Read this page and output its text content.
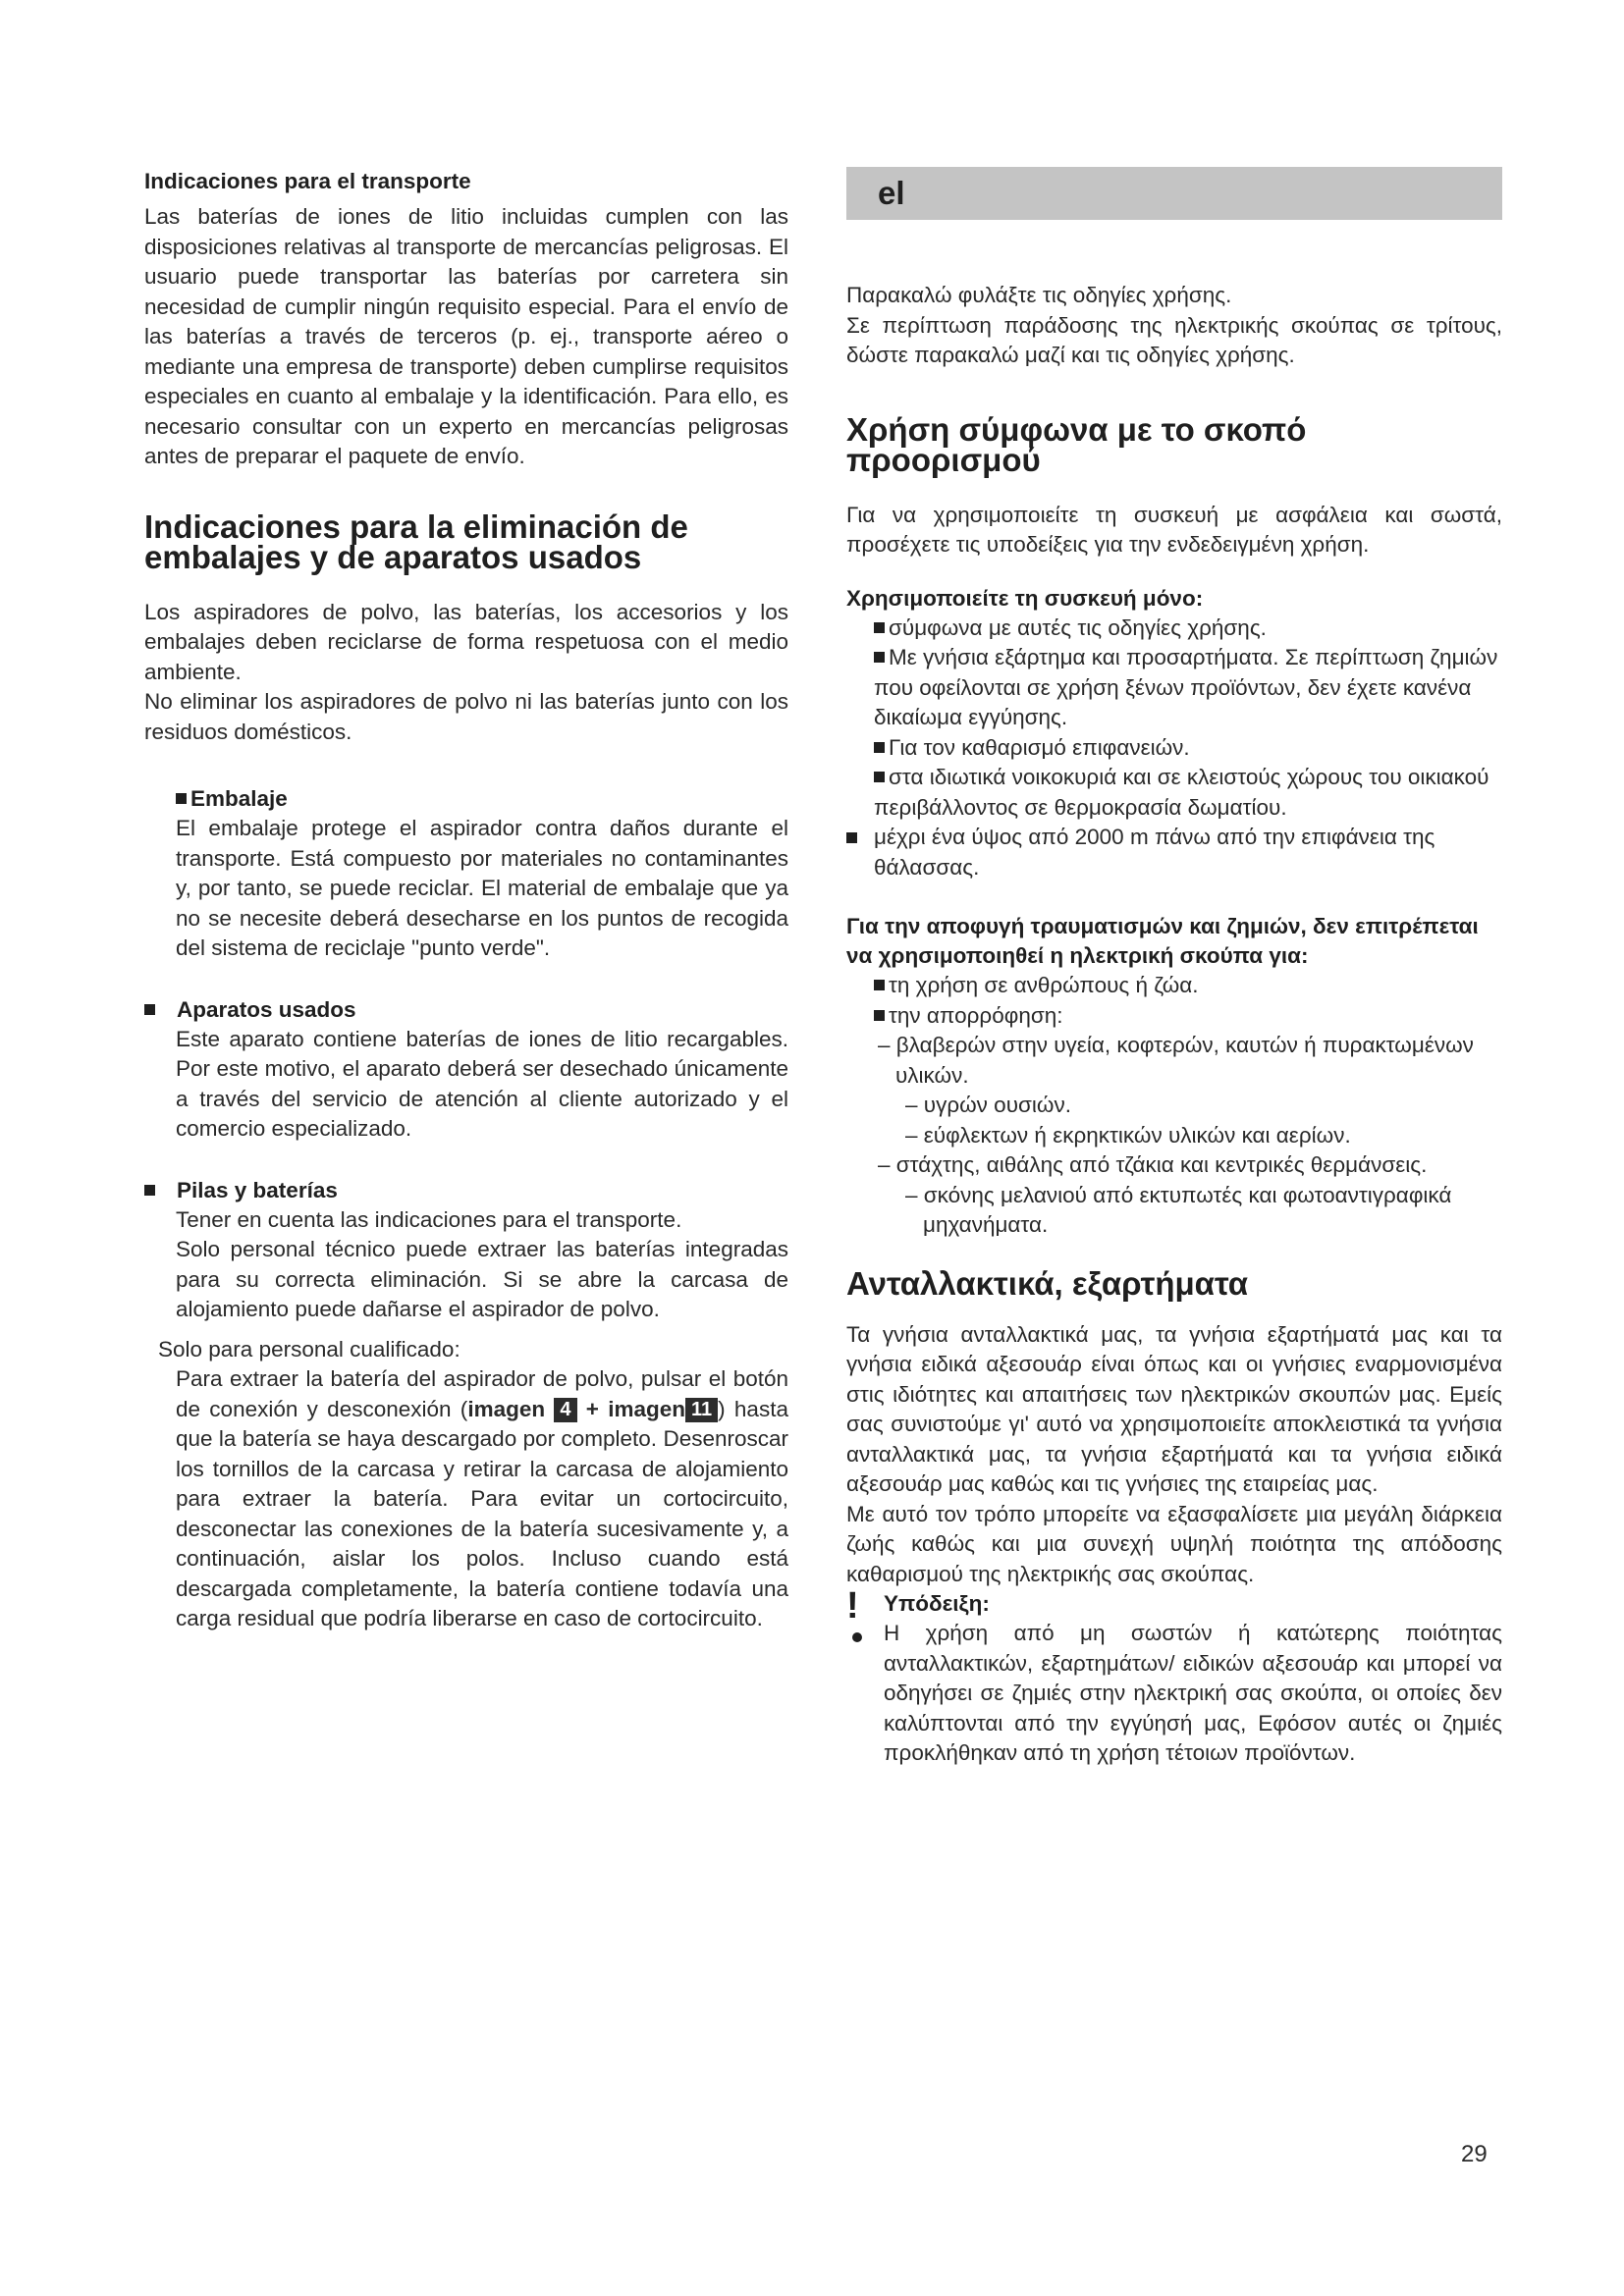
Indicaciones para el transporte

Las baterías de iones de litio incluidas cumplen con las disposiciones relativas al transporte de mercancías peligrosas. El usuario puede transportar las baterías por carretera sin necesidad de cumplir ningún requisito especial. Para el envío de las baterías a través de terceros (p. ej., transporte aéreo o mediante una empresa de transporte) deben cumplirse requisitos especiales en cuanto al embalaje y la identificación. Para ello, es necesario consultar con un experto en mercancías peligrosas antes de preparar el paquete de envío.

Indicaciones para la eliminación de embalajes y de aparatos usados

Los aspiradores de polvo, las baterías, los accesorios y los embalajes deben reciclarse de forma respetuosa con el medio ambiente.

No eliminar los aspiradores de polvo ni las baterías junto con los residuos domésticos.

Embalaje

El embalaje protege el aspirador contra daños durante el transporte. Está compuesto por materiales no contaminantes y, por tanto, se puede reciclar. El material de embalaje que ya no se necesite deberá desecharse en los puntos de recogida del sistema de reciclaje "punto verde".

Aparatos usados

Este aparato contiene baterías de iones de litio recargables. Por este motivo, el aparato deberá ser desechado únicamente a través del servicio de atención al cliente autorizado y el comercio especializado.

Pilas y baterías

Tener en cuenta las indicaciones para el transporte.

Solo personal técnico puede extraer las baterías integradas para su correcta eliminación. Si se abre la carcasa de alojamiento puede dañarse el aspirador de polvo.

Solo para personal cualificado:

Para extraer la batería del aspirador de polvo, pulsar el botón de conexión y desconexión (imagen 4 + imagen 11 ) hasta que la batería se haya descargado por completo. Desenroscar los tornillos de la carcasa y retirar la carcasa de alojamiento para extraer la batería. Para evitar un cortocircuito, desconectar las conexiones de la batería sucesivamente y, a continuación, aislar los polos. Incluso cuando está descargada completamente, la batería contiene todavía una carga residual que podría liberarse en caso de cortocircuito.

el

Παρακαλώ φυλάξτε τις οδηγίες χρήσης.

Σε περίπτωση παράδοσης της ηλεκτρικής σκούπας σε τρίτους, δώστε παρακαλώ μαζί και τις οδηγίες χρήσης.

Χρήση σύμφωνα με το σκοπό προορισμού

Για να χρησιμοποιείτε τη συσκευή με ασφάλεια και σωστά, προσέχετε τις υποδείξεις για την ενδεδειγμένη χρήση.

Χρησιμοποιείτε τη συσκευή μόνο:
σύμφωνα με αυτές τις οδηγίες χρήσης.
Με γνήσια εξάρτημα και προσαρτήματα. Σε περίπτωση ζημιών που οφείλονται σε χρήση ξένων προϊόντων, δεν έχετε κανένα δικαίωμα εγγύησης.
Για τον καθαρισμό επιφανειών.
στα ιδιωτικά νοικοκυριά και σε κλειστούς χώρους του οικιακού περιβάλλοντος σε θερμοκρασία δωματίου.

μέχρι ένα ύψος από 2000 m πάνω από την επιφάνεια της θάλασσας.

Για την αποφυγή τραυματισμών και ζημιών, δεν επιτρέπεται να χρησιμοποιηθεί η ηλεκτρική σκούπα για:
τη χρήση σε ανθρώπους ή ζώα.
την απορρόφηση:
– βλαβερών στην υγεία, κοφτερών, καυτών ή πυρακτωμένων υλικών.
– υγρών ουσιών.
– εύφλεκτων ή εκρηκτικών υλικών και αερίων.
– στάχτης, αιθάλης από τζάκια και κεντρικές θερμάνσεις.
– σκόνης μελανιού από εκτυπωτές και φωτοαντιγραφικά μηχανήματα.
Ανταλλακτικά, εξαρτήματα

Τα γνήσια ανταλλακτικά μας, τα γνήσια εξαρτήματά μας και τα γνήσια ειδικά αξεσουάρ είναι όπως και οι γνήσιες εναρμονισμένα στις ιδιότητες και απαιτήσεις των ηλεκτρικών σκουπών μας. Εμείς σας συνιστούμε γι' αυτό να χρησιμοποιείτε αποκλειστικά τα γνήσια ανταλλακτικά μας, τα γνήσια εξαρτήματά και τα γνήσια ειδικά αξεσουάρ μας καθώς και τις γνήσιες της εταιρείας μας.

Με αυτό τον τρόπο μπορείτε να εξασφαλίσετε μια μεγάλη διάρκεια ζωής καθώς και μια συνεχή υψηλή ποιότητα της απόδοσης καθαρισμού της ηλεκτρικής σας σκούπας.

! Υπόδειξη:

Η χρήση από μη σωστών ή κατώτερης ποιότητας ανταλλακτικών, εξαρτημάτων/ ειδικών αξεσουάρ και μπορεί να οδηγήσει σε ζημιές στην ηλεκτρική σας σκούπα, οι οποίες δεν καλύπτονται από την εγγύησή μας, Εφόσον αυτές οι ζημιές προκλήθηκαν από τη χρήση τέτοιων προϊόντων.

29
